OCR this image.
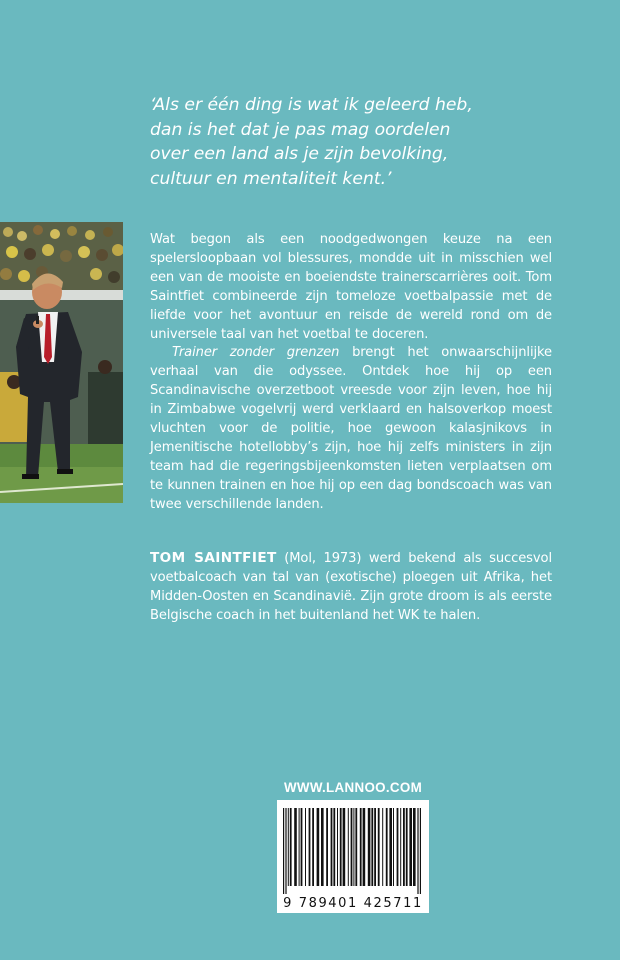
‘Als er één ding is wat ik geleerd heb,
dan is het dat je pas mag oordelen
over een land als je zijn bevolking,
cultuur en mentaliteit kent.’

Wat begon als een noodgedwongen keuze na een spelersloopbaan vol blessures, mondde uit in misschien wel een van de mooiste en boeiendste trainerscarrières ooit. Tom Saintfiet combineerde zijn tomeloze voetbalpassie met de liefde voor het avontuur en reisde de wereld rond om de universele taal van het voetbal te doceren.

Trainer zonder grenzen brengt het onwaarschijnlijke verhaal van die odyssee. Ontdek hoe hij op een Scandinavische overzetboot vreesde voor zijn leven, hoe hij in Zimbabwe vogelvrij werd verklaard en halsoverkop moest vluchten voor de politie, hoe gewoon kalasjnikovs in Jemenitische hotellobby’s zijn, hoe hij zelfs ministers in zijn team had die regeringsbijeenkomsten lieten verplaatsen om te kunnen trainen en hoe hij op een dag bondscoach was van twee verschillende landen.

TOM SAINTFIET (Mol, 1973) werd bekend als succesvol voetbalcoach van tal van (exotische) ploegen uit Afrika, het Midden-Oosten en Scandinavië. Zijn grote droom is als eerste Belgische coach in het buitenland het WK te halen.

WWW.LANNOO.COM
9 789401 425711
